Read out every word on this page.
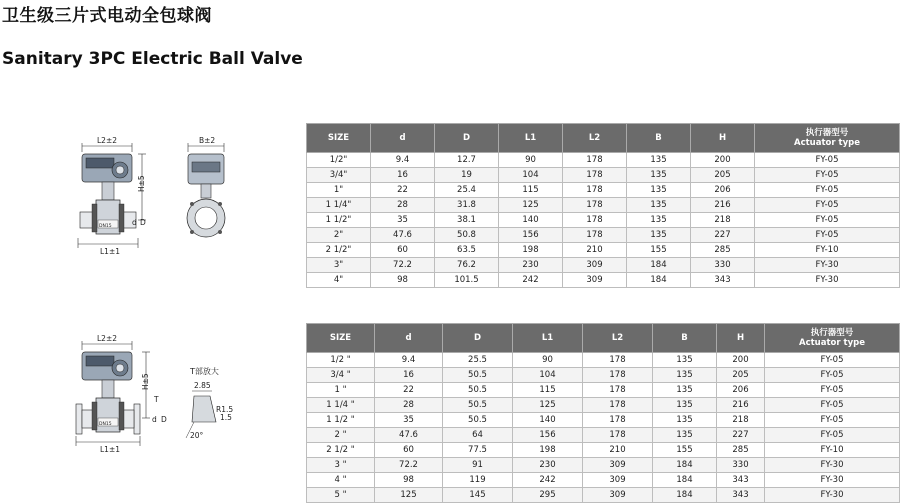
卫生级三片式电动全包球阀
Sanitary 3PC Electric Ball Valve
L2±2
DN15
H±5
d D
L1±1
B±2	SIZE	d	D	L1	L2	B	H	执行器型号
Actuator type

1/2"	9.4	12.7	90	178	135	200	FY-05
3/4"	16	19	104	178	135	205	FY-05
1"	22	25.4	115	178	135	206	FY-05
1 1/4"	28	31.8	125	178	135	216	FY-05
1 1/2"	35	38.1	140	178	135	218	FY-05
2"	47.6	50.8	156	178	135	227	FY-05
2 1/2"	60	63.5	198	210	155	285	FY-10
3"	72.2	76.2	230	309	184	330	FY-30
4"	98	101.5	242	309	184	343	FY-30
L2±2
DN15
H±5
T
d D
L1±1
T部放大
2.85
R1.5
1.5
20°
SIZE	d	D	L1	L2	B	H	执行器型号
Actuator type

1/2 "	9.4	25.5	90	178	135	200	FY-05
3/4 "	16	50.5	104	178	135	205	FY-05
1 "	22	50.5	115	178	135	206	FY-05
1 1/4 "	28	50.5	125	178	135	216	FY-05
1 1/2 "	35	50.5	140	178	135	218	FY-05
2 "	47.6	64	156	178	135	227	FY-05
2 1/2 "	60	77.5	198	210	155	285	FY-10
3 "	72.2	91	230	309	184	330	FY-30
4 "	98	119	242	309	184	343	FY-30
5 "	125	145	295	309	184	343	FY-30
